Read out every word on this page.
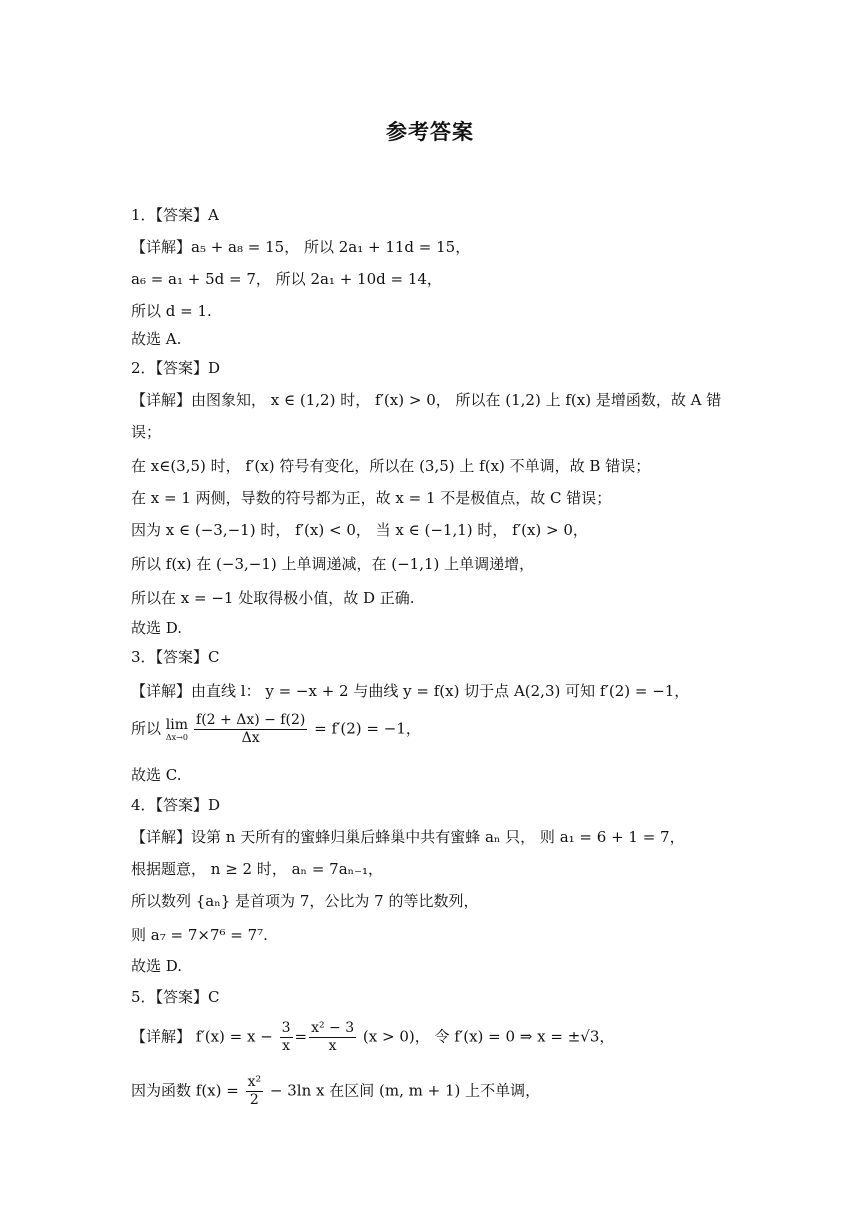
参考答案
1．【答案】A
【详解】a₅ + a₈ = 15， 所以 2a₁ + 11d = 15，
a₆ = a₁ + 5d = 7， 所以 2a₁ + 10d = 14，
所以 d = 1.
故选 A.
2．【答案】D
【详解】由图象知， x ∈ (1,2) 时， f′(x) > 0， 所以在 (1,2) 上 f(x) 是增函数，故 A 错
误；
在 x∈(3,5) 时， f′(x) 符号有变化，所以在 (3,5) 上 f(x) 不单调，故 B 错误；
在 x = 1 两侧，导数的符号都为正，故 x = 1 不是极值点，故 C 错误；
因为 x ∈ (−3,−1) 时， f′(x) < 0， 当 x ∈ (−1,1) 时， f′(x) > 0，
所以 f(x) 在 (−3,−1) 上单调递减，在 (−1,1) 上单调递增，
所以在 x = −1 处取得极小值，故 D 正确.
故选 D.
3．【答案】C
【详解】由直线 l： y = −x + 2 与曲线 y = f(x) 切于点 A(2,3) 可知 f′(2) = −1，
故选 C.
4．【答案】D
【详解】设第 n 天所有的蜜蜂归巢后蜂巢中共有蜜蜂 aₙ 只， 则 a₁ = 6 + 1 = 7，
根据题意， n ≥ 2 时， aₙ = 7aₙ₋₁，
所以数列 {aₙ} 是首项为 7，公比为 7 的等比数列，
则 a₇ = 7×7⁶ = 7⁷.
故选 D.
5．【答案】C
所以 lim
$\Delta x\to 0 \frac{f(2 + \Delta x) - f(2)}{\Delta x} = f'(2) = -1$，
【详解】 $f'(x) = x - \frac{3}{x} = \frac{\text{x² − 3}}{x} (x > 0)$， 令 f′(x) = 0 ⇒ x = ±√3，
因为函数 $f(x) = \frac{\text{x²}}{2} - 3\ln$ x 在区间 (m, m + 1) 上不单调，
